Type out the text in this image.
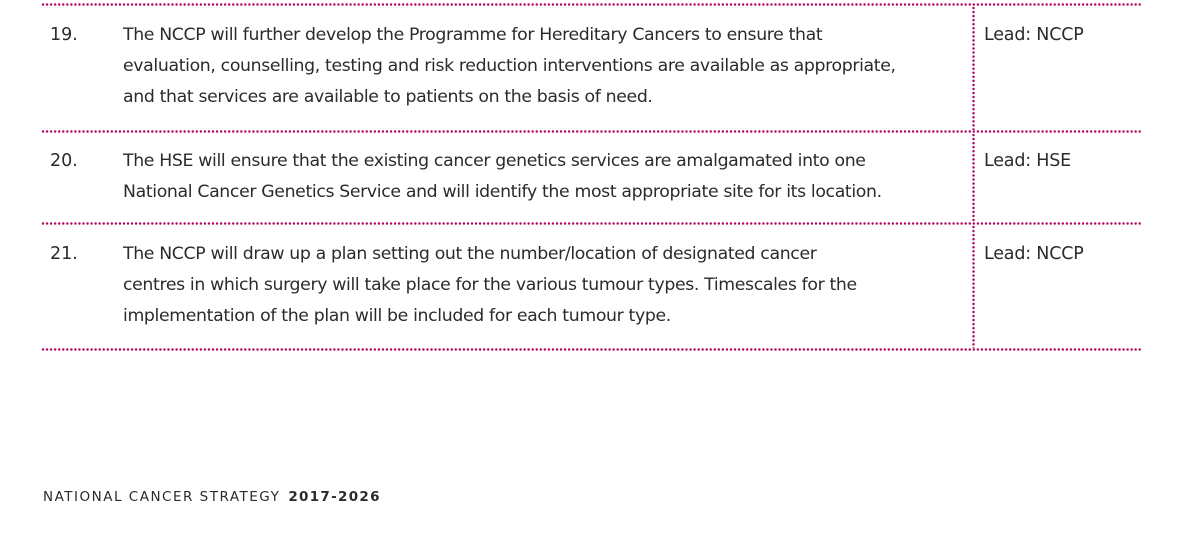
19.	The NCCP will further develop the Programme for Hereditary Cancers to ensure that
evaluation, counselling, testing and risk reduction interventions are available as appropriate,
and that services are available to patients on the basis of need.
Lead: NCCP
20.	The HSE will ensure that the existing cancer genetics services are amalgamated into one
National Cancer Genetics Service and will identify the most appropriate site for its location.
Lead: HSE
21.	The NCCP will draw up a plan setting out the number/location of designated cancer
centres in which surgery will take place for the various tumour types. Timescales for the
implementation of the plan will be included for each tumour type.
Lead: NCCP
NATIONAL CANCER STRATEGY 2017-2026
